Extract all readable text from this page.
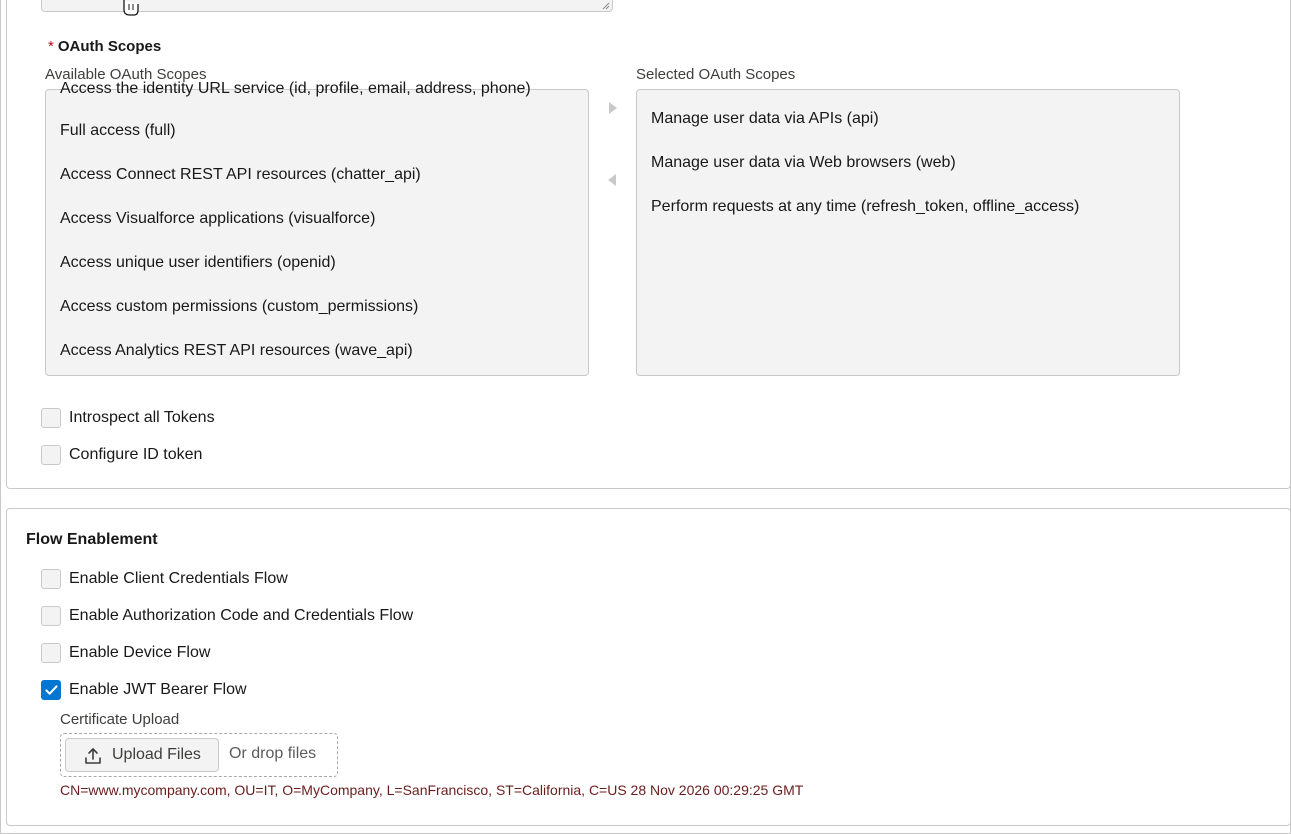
* OAuth Scopes
Available OAuth Scopes	Selected OAuth Scopes
Access the identity URL service (id, profile, email, address, phone)
Full access (full)
Access Connect REST API resources (chatter_api)
Access Visualforce applications (visualforce)
Access unique user identifiers (openid)
Access custom permissions (custom_permissions)
Access Analytics REST API resources (wave_api)
Manage user data via APIs (api)
Manage user data via Web browsers (web)
Perform requests at any time (refresh_token, offline_access)
Introspect all Tokens
Configure ID token
Flow Enablement
Enable Client Credentials Flow
Enable Authorization Code and Credentials Flow
Enable Device Flow
Enable JWT Bearer Flow
Certificate Upload
Upload Files Or drop files
CN=www.mycompany.com, OU=IT, O=MyCompany, L=SanFrancisco, ST=California, C=US 28 Nov 2026 00:29:25 GMT
